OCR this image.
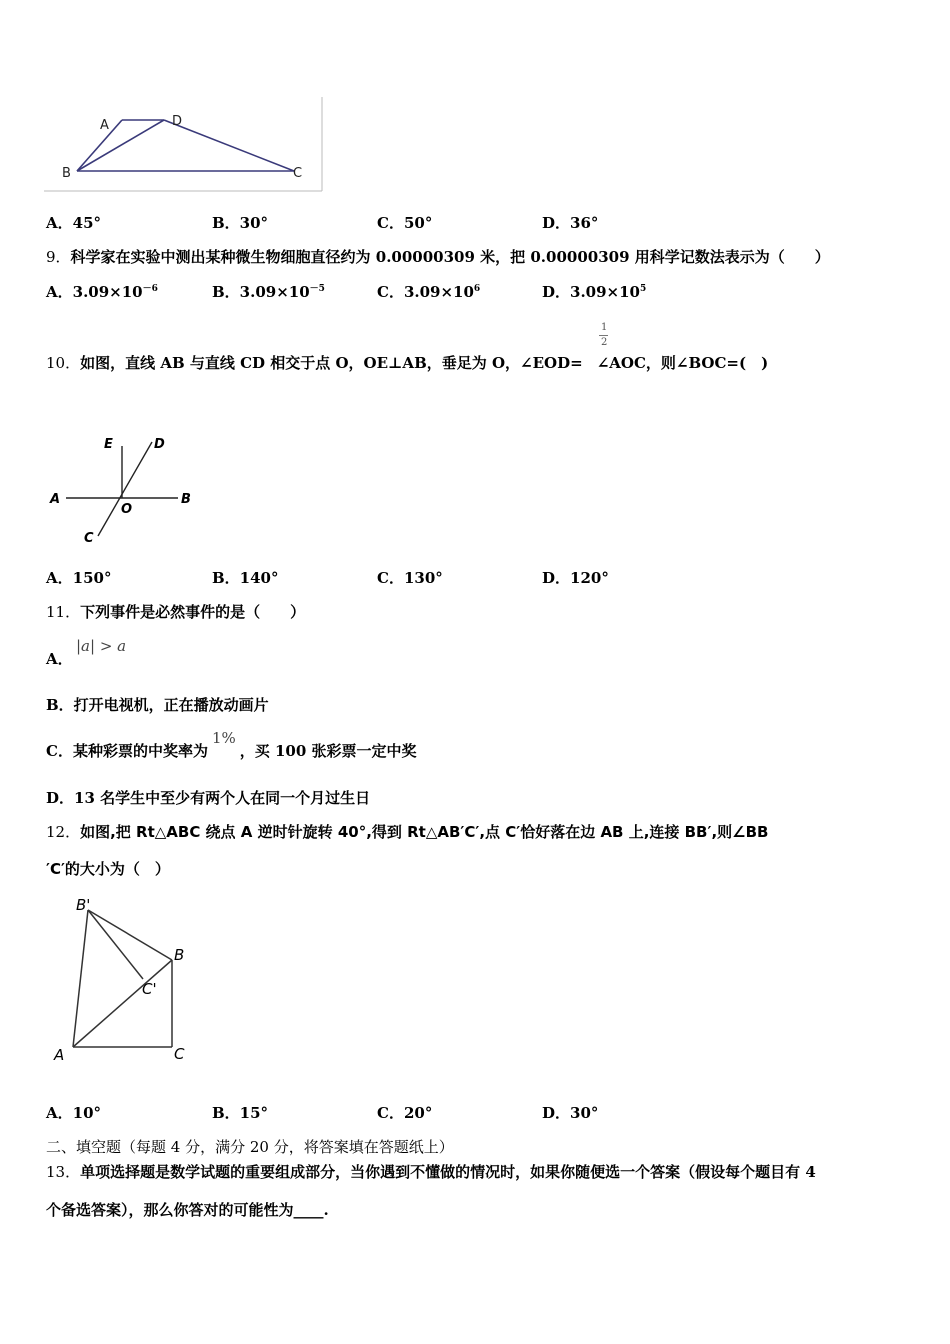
A	D
B	C
A．45°	B．30°	C．50°	D．36°
9．科学家在实验中测出某种微生物细胞直径约为 0.00000309 米，把 0.00000309 用科学记数法表示为（　　）
A．$3.09\times 10^{-6}$	B．$3.09\times 10^{-5}$	C．$3.09\times 10^6$	D．$3.09\times 10^5$
10．如图，直线 AB 与直线 CD 相交于点 O，OE⊥AB，垂足为 O，∠EOD= ∠AOC，则∠BOC=(　)
1
2
E	D
A
O
B
C
A．150°	B．140°	C．130°	D．120°
11．下列事件是必然事件的是（　　）
A．
|a| > a
B．打开电视机，正在播放动画片
C．某种彩票的中奖率为1%，买 100 张彩票一定中奖
D．13 名学生中至少有两个人在同一个月过生日
12．如图,把 Rt△ABC 绕点 A 逆时针旋转 40°,得到 Rt△AB′C′,点 C′恰好落在边 AB 上,连接 BB′,则∠BB
′C′的大小为（　）
B'
B
C'
A	C
A．10°	B．15°	C．20°	D．30°
二、填空题（每题 4 分，满分 20 分，将答案填在答题纸上）
13．单项选择题是数学试题的重要组成部分，当你遇到不懂做的情况时，如果你随便选一个答案（假设每个题目有 4
个备选答案），那么你答对的可能性为____.
